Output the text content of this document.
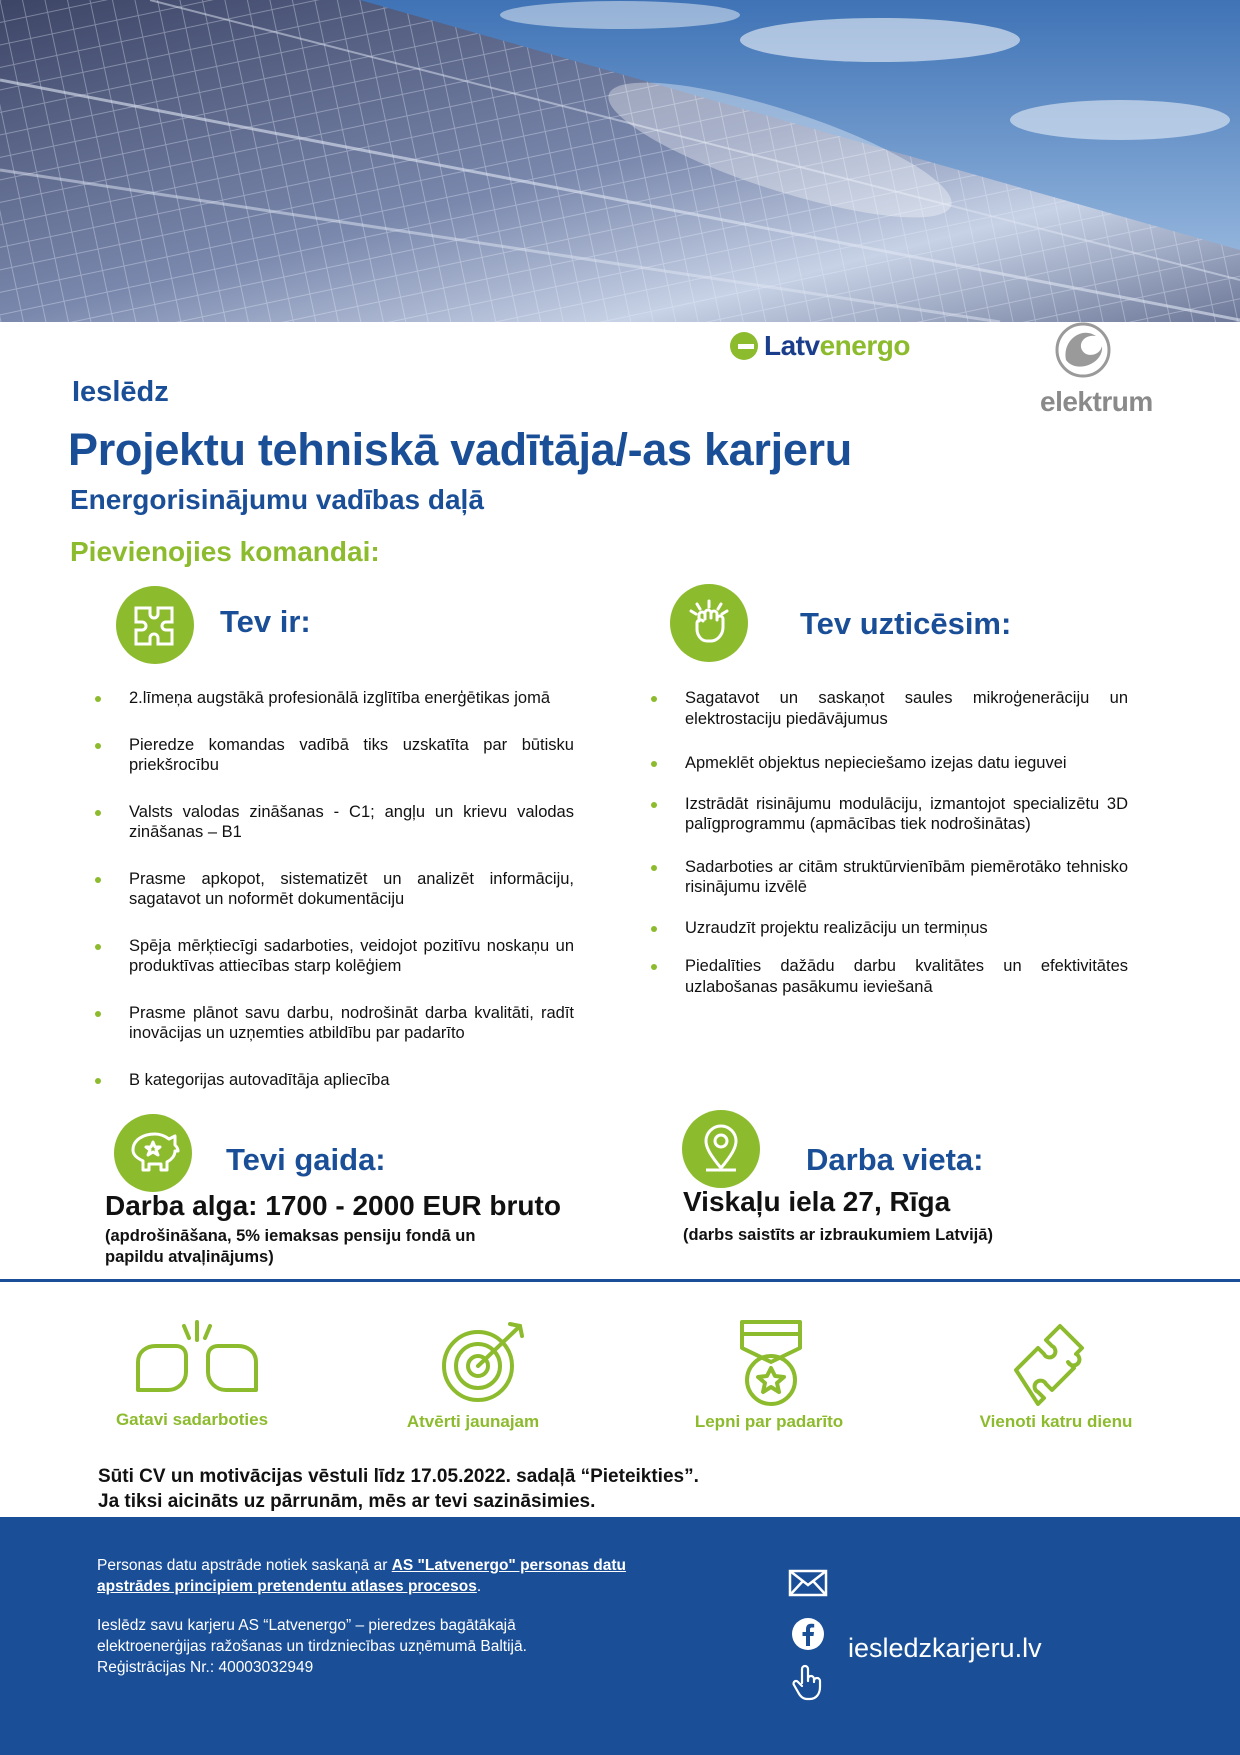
Latvenergo
elektrum
Ieslēdz
Projektu tehniskā vadītāja/-as karjeru
Energorisinājumu vadības daļā
Pievienojies komandai:
Tev ir:
2.līmeņa augstākā profesionālā izglītība enerģētikas jomā
Pieredze komandas vadībā tiks uzskatīta par būtisku priekšrocību
Valsts valodas zināšanas - C1; angļu un krievu valodas zināšanas – B1
Prasme apkopot, sistematizēt un analizēt informāciju, sagatavot un noformēt dokumentāciju
Spēja mērķtiecīgi sadarboties, veidojot pozitīvu noskaņu un produktīvas attiecības starp kolēģiem
Prasme plānot savu darbu, nodrošināt darba kvalitāti, radīt inovācijas un uzņemties atbildību par padarīto
B kategorijas autovadītāja apliecība
Tev uzticēsim:
Sagatavot un saskaņot saules mikroģenerāciju un elektrostaciju piedāvājumus
Apmeklēt objektus nepieciešamo izejas datu ieguvei
Izstrādāt risinājumu modulāciju, izmantojot specializētu 3D palīgprogrammu (apmācības tiek nodrošinātas)
Sadarboties ar citām struktūrvienībām piemērotāko tehnisko risinājumu izvēlē
Uzraudzīt projektu realizāciju un termiņus
Piedalīties dažādu darbu kvalitātes un efektivitātes uzlabošanas pasākumu ieviešanā
Tevi gaida:
Darba alga: 1700 - 2000 EUR bruto
(apdrošināšana, 5% iemaksas pensiju fondā un papildu atvaļinājums)
Darba vieta:
Viskaļu iela 27, Rīga
(darbs saistīts ar izbraukumiem Latvijā)
Gatavi sadarboties	Atvērti jaunajam	Lepni par padarīto	Vienoti katru dienu
Sūti CV un motivācijas vēstuli līdz 17.05.2022. sadaļā “Pieteikties”.
Ja tiksi aicināts uz pārrunām, mēs ar tevi sazināsimies.
Personas datu apstrāde notiek saskaņā ar AS "Latvenergo" personas datu apstrādes principiem pretendentu atlases procesos.
Ieslēdz savu karjeru AS “Latvenergo” – pieredzes bagātākajā
elektroenerģijas ražošanas un tirdzniecības uzņēmumā Baltijā.
Reģistrācijas Nr.: 40003032949
iesledzkarjeru.lv
